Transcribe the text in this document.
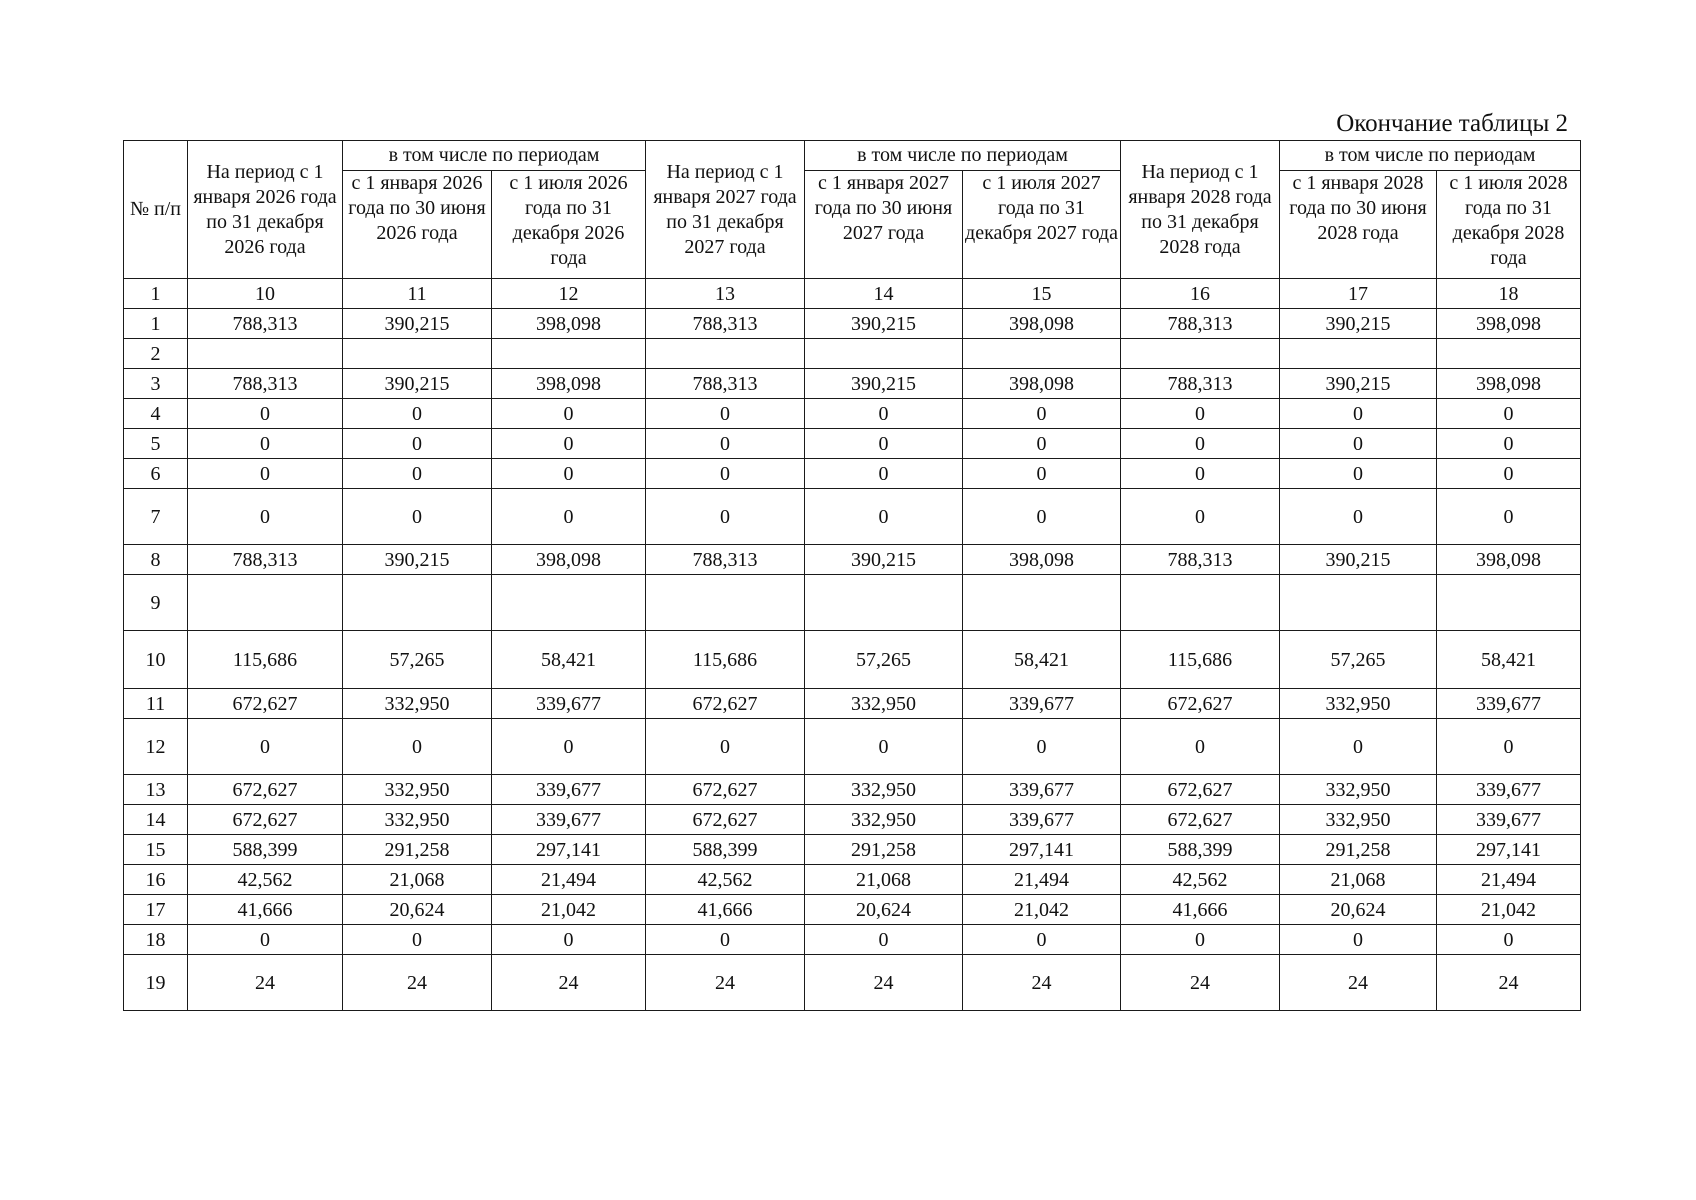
Окончание таблицы 2
№ п/п	На период с 1 января 2026 года по 31 декабря 2026 года	в том числе по периодам		На период с 1 января 2027 года по 31 декабря 2027 года	в том числе по периодам		На период с 1 января 2028 года по 31 декабря 2028 года	в том числе по периодам	
		с 1 января 2026 года по 30 июня 2026 года	с 1 июля 2026 года по 31 декабря 2026 года		с 1 января 2027 года по 30 июня 2027 года	с 1 июля 2027 года по 31 декабря 2027 года		с 1 января 2028 года по 30 июня 2028 года	с 1 июля 2028 года по 31 декабря 2028 года
1	10	11	12	13	14	15	16	17	18
1	788,313	390,215	398,098	788,313	390,215	398,098	788,313	390,215	398,098
2									
3	788,313	390,215	398,098	788,313	390,215	398,098	788,313	390,215	398,098
4	0	0	0	0	0	0	0	0	0
5	0	0	0	0	0	0	0	0	0
6	0	0	0	0	0	0	0	0	0
7	0	0	0	0	0	0	0	0	0
8	788,313	390,215	398,098	788,313	390,215	398,098	788,313	390,215	398,098
9									
10	115,686	57,265	58,421	115,686	57,265	58,421	115,686	57,265	58,421
11	672,627	332,950	339,677	672,627	332,950	339,677	672,627	332,950	339,677
12	0	0	0	0	0	0	0	0	0
13	672,627	332,950	339,677	672,627	332,950	339,677	672,627	332,950	339,677
14	672,627	332,950	339,677	672,627	332,950	339,677	672,627	332,950	339,677
15	588,399	291,258	297,141	588,399	291,258	297,141	588,399	291,258	297,141
16	42,562	21,068	21,494	42,562	21,068	21,494	42,562	21,068	21,494
17	41,666	20,624	21,042	41,666	20,624	21,042	41,666	20,624	21,042
18	0	0	0	0	0	0	0	0	0
19	24	24	24	24	24	24	24	24	24
